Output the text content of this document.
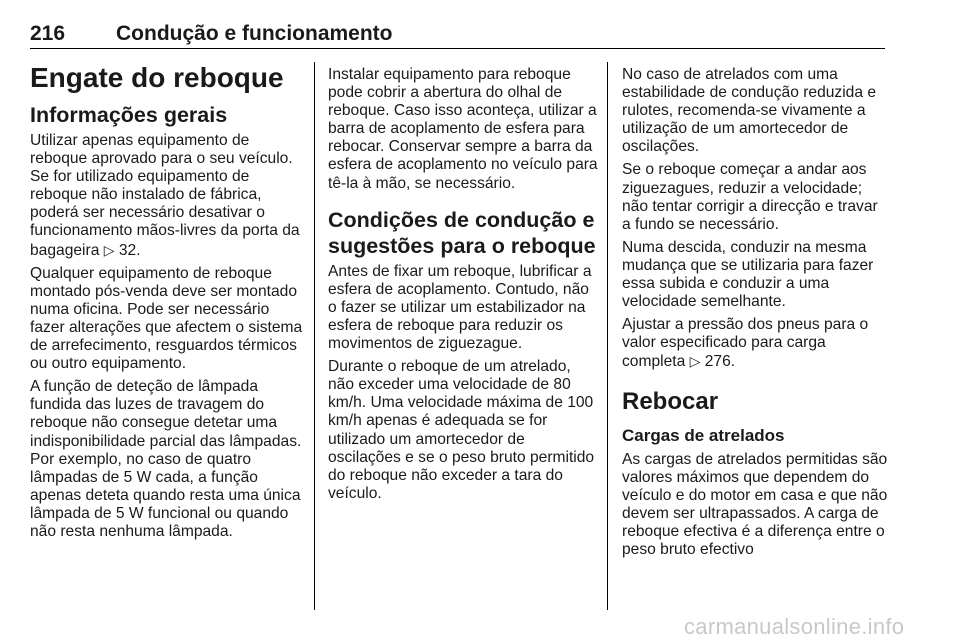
216 Condução e funcionamento
Engate do reboque
Informações gerais

Utilizar apenas equipamento de reboque aprovado para o seu veículo. Se for utilizado equipamento de reboque não instalado de fábrica, poderá ser necessário desativar o funcionamento mãos-livres da porta da bagageira ▷ 32.

Qualquer equipamento de reboque montado pós-venda deve ser montado numa oficina. Pode ser necessário fazer alterações que afectem o sistema de arrefecimento, resguardos térmicos ou outro equipamento.

A função de deteção de lâmpada fundida das luzes de travagem do reboque não consegue detetar uma indisponibilidade parcial das lâmpadas. Por exemplo, no caso de quatro lâmpadas de 5 W cada, a função apenas deteta quando resta uma única lâmpada de 5 W funcional ou quando não resta nenhuma lâmpada.

Instalar equipamento para reboque pode cobrir a abertura do olhal de reboque. Caso isso aconteça, utilizar a barra de acoplamento de esfera para rebocar. Conservar sempre a barra da esfera de acoplamento no veículo para tê-la à mão, se necessário.

Condições de condução e sugestões para o reboque

Antes de fixar um reboque, lubrificar a esfera de acoplamento. Contudo, não o fazer se utilizar um estabilizador na esfera de reboque para reduzir os movimentos de ziguezague.

Durante o reboque de um atrelado, não exceder uma velocidade de 80 km/h. Uma velocidade máxima de 100 km/h apenas é adequada se for utilizado um amortecedor de oscilações e se o peso bruto permitido do reboque não exceder a tara do veículo.

No caso de atrelados com uma estabilidade de condução reduzida e rulotes, recomenda-se vivamente a utilização de um amortecedor de oscilações.

Se o reboque começar a andar aos ziguezagues, reduzir a velocidade; não tentar corrigir a direcção e travar a fundo se necessário.

Numa descida, conduzir na mesma mudança que se utilizaria para fazer essa subida e conduzir a uma velocidade semelhante.

Ajustar a pressão dos pneus para o valor especificado para carga completa ▷ 276.

Rebocar
Cargas de atrelados

As cargas de atrelados permitidas são valores máximos que dependem do veículo e do motor em casa e que não devem ser ultrapassados. A carga de reboque efectiva é a diferença entre o peso bruto efectivo

carmanualsonline.info
